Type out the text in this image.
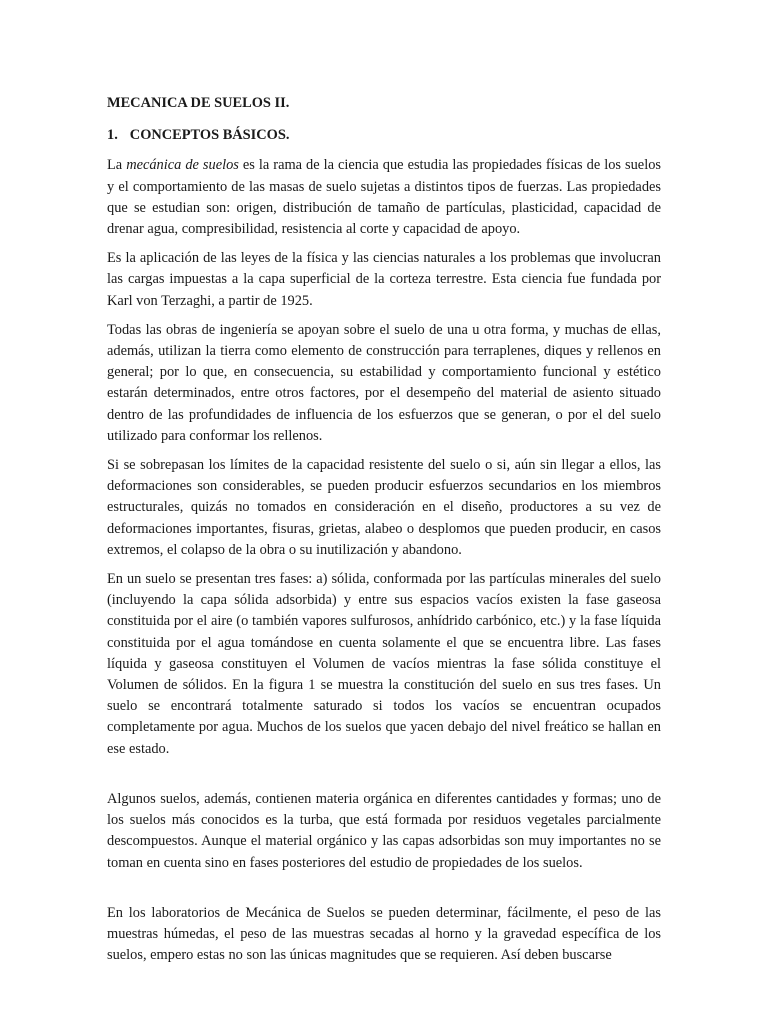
MECANICA DE SUELOS II.
1. CONCEPTOS BÁSICOS.

La mecánica de suelos es la rama de la ciencia que estudia las propiedades físicas de los suelos y el comportamiento de las masas de suelo sujetas a distintos tipos de fuerzas. Las propiedades que se estudian son: origen, distribución de tamaño de partículas, plasticidad, capacidad de drenar agua, compresibilidad, resistencia al corte y capacidad de apoyo.

Es la aplicación de las leyes de la física y las ciencias naturales a los problemas que involucran las cargas impuestas a la capa superficial de la corteza terrestre. Esta ciencia fue fundada por Karl von Terzaghi, a partir de 1925.

Todas las obras de ingeniería se apoyan sobre el suelo de una u otra forma, y muchas de ellas, además, utilizan la tierra como elemento de construcción para terraplenes, diques y rellenos en general; por lo que, en consecuencia, su estabilidad y comportamiento funcional y estético estarán determinados, entre otros factores, por el desempeño del material de asiento situado dentro de las profundidades de influencia de los esfuerzos que se generan, o por el del suelo utilizado para conformar los rellenos.

Si se sobrepasan los límites de la capacidad resistente del suelo o si, aún sin llegar a ellos, las deformaciones son considerables, se pueden producir esfuerzos secundarios en los miembros estructurales, quizás no tomados en consideración en el diseño, productores a su vez de deformaciones importantes, fisuras, grietas, alabeo o desplomos que pueden producir, en casos extremos, el colapso de la obra o su inutilización y abandono.

En un suelo se presentan tres fases: a) sólida, conformada por las partículas minerales del suelo (incluyendo la capa sólida adsorbida) y entre sus espacios vacíos existen la fase gaseosa constituida por el aire (o también vapores sulfurosos, anhídrido carbónico, etc.) y la fase líquida constituida por el agua tomándose en cuenta solamente el que se encuentra libre. Las fases líquida y gaseosa constituyen el Volumen de vacíos mientras la fase sólida constituye el Volumen de sólidos. En la figura 1 se muestra la constitución del suelo en sus tres fases. Un suelo se encontrará totalmente saturado si todos los vacíos se encuentran ocupados completamente por agua. Muchos de los suelos que yacen debajo del nivel freático se hallan en ese estado.

Algunos suelos, además, contienen materia orgánica en diferentes cantidades y formas; uno de los suelos más conocidos es la turba, que está formada por residuos vegetales parcialmente descompuestos. Aunque el material orgánico y las capas adsorbidas son muy importantes no se toman en cuenta sino en fases posteriores del estudio de propiedades de los suelos.

En los laboratorios de Mecánica de Suelos se pueden determinar, fácilmente, el peso de las muestras húmedas, el peso de las muestras secadas al horno y la gravedad específica de los suelos, empero estas no son las únicas magnitudes que se requieren. Así deben buscarse
